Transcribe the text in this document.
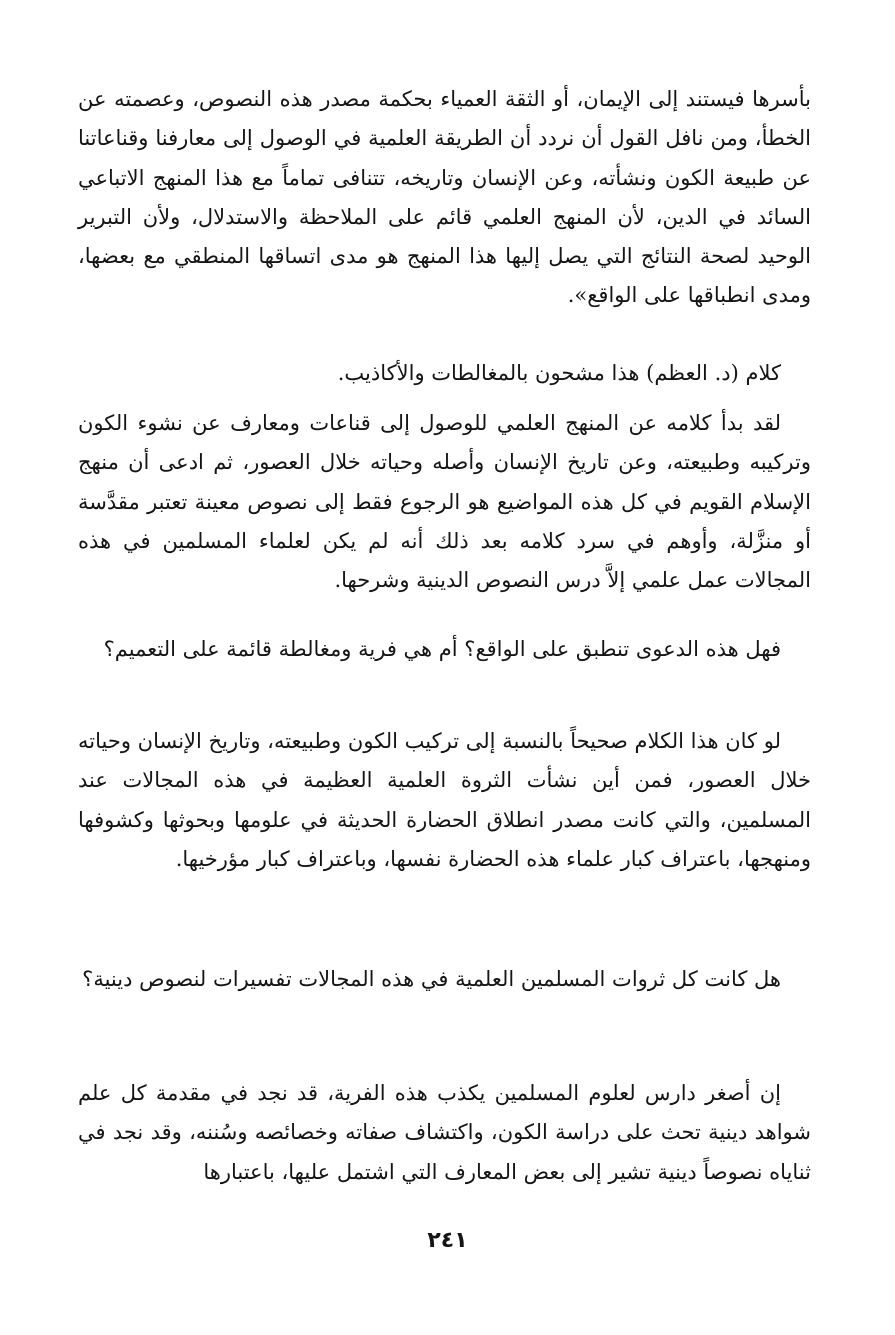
بأسرها فيستند إلى الإيمان، أو الثقة العمياء بحكمة مصدر هذه النصوص، وعصمته عن الخطأ، ومن نافل القول أن نردد أن الطريقة العلمية في الوصول إلى معارفنا وقناعاتنا عن طبيعة الكون ونشأته، وعن الإنسان وتاريخه، تتنافى تماماً مع هذا المنهج الاتباعي السائد في الدين، لأن المنهج العلمي قائم على الملاحظة والاستدلال، ولأن التبرير الوحيد لصحة النتائج التي يصل إليها هذا المنهج هو مدى اتساقها المنطقي مع بعضها، ومدى انطباقها على الواقع».

كلام (د. العظم) هذا مشحون بالمغالطات والأكاذيب.

لقد بدأ كلامه عن المنهج العلمي للوصول إلى قناعات ومعارف عن نشوء الكون وتركيبه وطبيعته، وعن تاريخ الإنسان وأصله وحياته خلال العصور، ثم ادعى أن منهج الإسلام القويم في كل هذه المواضيع هو الرجوع فقط إلى نصوص معينة تعتبر مقدَّسة أو منزَّلة، وأوهم في سرد كلامه بعد ذلك أنه لم يكن لعلماء المسلمين في هذه المجالات عمل علمي إلاَّ درس النصوص الدينية وشرحها.

فهل هذه الدعوى تنطبق على الواقع؟ أم هي فرية ومغالطة قائمة على التعميم؟

لو كان هذا الكلام صحيحاً بالنسبة إلى تركيب الكون وطبيعته، وتاريخ الإنسان وحياته خلال العصور، فمن أين نشأت الثروة العلمية العظيمة في هذه المجالات عند المسلمين، والتي كانت مصدر انطلاق الحضارة الحديثة في علومها وبحوثها وكشوفها ومنهجها، باعتراف كبار علماء هذه الحضارة نفسها، وباعتراف كبار مؤرخيها.

هل كانت كل ثروات المسلمين العلمية في هذه المجالات تفسيرات لنصوص دينية؟

إن أصغر دارس لعلوم المسلمين يكذب هذه الفرية، قد نجد في مقدمة كل علم شواهد دينية تحث على دراسة الكون، واكتشاف صفاته وخصائصه وسُننه، وقد نجد في ثناياه نصوصاً دينية تشير إلى بعض المعارف التي اشتمل عليها، باعتبارها

٢٤١
